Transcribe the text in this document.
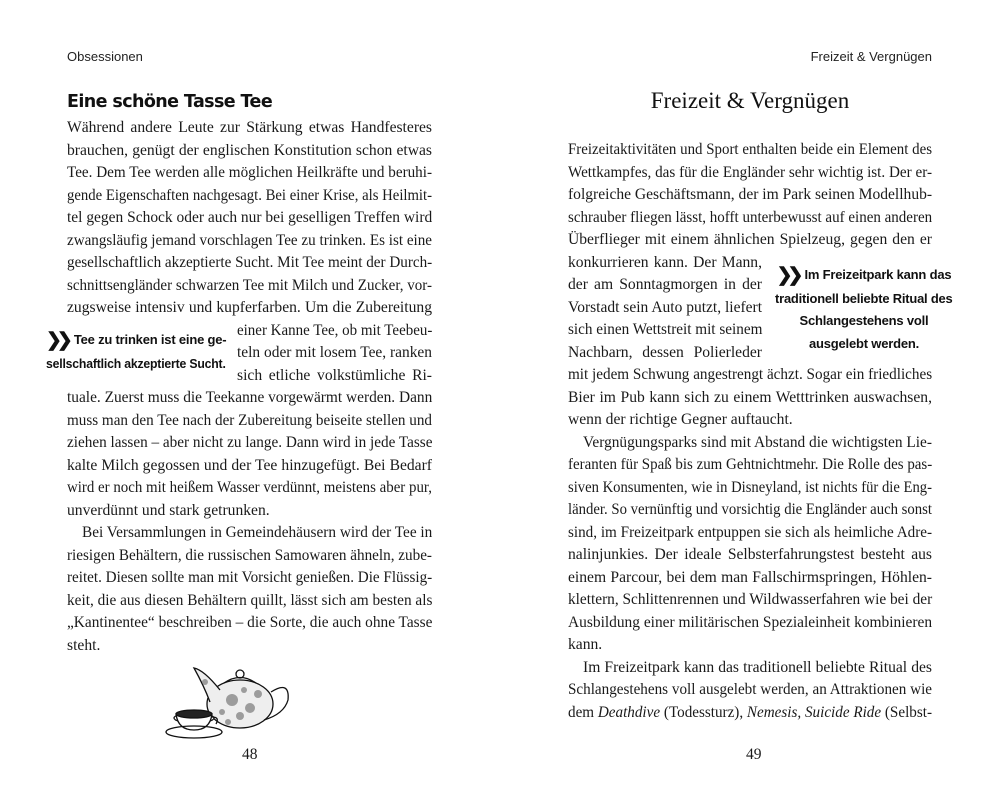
Obsessionen	Freizeit & Vergnügen
Eine schöne Tasse Tee	Freizeit & Vergnügen
Während andere Leute zur Stärkung etwas Handfesteres
brauchen, genügt der englischen Konstitution schon etwas
Tee. Dem Tee werden alle möglichen Heilkräfte und beruhi-
gende Eigenschaften nachgesagt. Bei einer Krise, als Heilmit-
tel gegen Schock oder auch nur bei geselligen Treffen wird
zwangsläufig jemand vorschlagen Tee zu trinken. Es ist eine
gesellschaftlich akzeptierte Sucht. Mit Tee meint der Durch-
schnittsengländer schwarzen Tee mit Milch und Zucker, vor-
zugsweise intensiv und kupferfarben. Um die Zubereitung
einer Kanne Tee, ob mit Teebeu-
teln oder mit losem Tee, ranken
sich etliche volkstümliche Ri-
tuale. Zuerst muss die Teekanne vorgewärmt werden. Dann
muss man den Tee nach der Zubereitung beiseite stellen und
ziehen lassen – aber nicht zu lange. Dann wird in jede Tasse
kalte Milch gegossen und der Tee hinzugefügt. Bei Bedarf
wird er noch mit heißem Wasser verdünnt, meistens aber pur,
unverdünnt und stark getrunken.
Bei Versammlungen in Gemeindehäusern wird der Tee in
riesigen Behältern, die russischen Samowaren ähneln, zube-
reitet. Diesen sollte man mit Vorsicht genießen. Die Flüssig-
keit, die aus diesen Behältern quillt, lässt sich am besten als
„Kantinentee“ beschreiben – die Sorte, die auch ohne Tasse
steht.
Freizeitaktivitäten und Sport enthalten beide ein Element des
Wettkampfes, das für die Engländer sehr wichtig ist. Der er-
folgreiche Geschäftsmann, der im Park seinen Modellhub-
schrauber fliegen lässt, hofft unterbewusst auf einen anderen
Überflieger mit einem ähnlichen Spielzeug, gegen den er
konkurrieren kann. Der Mann,
der am Sonntagmorgen in der
Vorstadt sein Auto putzt, liefert
sich einen Wettstreit mit seinem
Nachbarn, dessen Polierleder
mit jedem Schwung angestrengt ächzt. Sogar ein friedliches
Bier im Pub kann sich zu einem Wetttrinken auswachsen,
wenn der richtige Gegner auftaucht.
Vergnügungsparks sind mit Abstand die wichtigsten Lie-
feranten für Spaß bis zum Gehtnichtmehr. Die Rolle des pas-
siven Konsumenten, wie in Disneyland, ist nichts für die Eng-
länder. So vernünftig und vorsichtig die Engländer auch sonst
sind, im Freizeitpark entpuppen sie sich als heimliche Adre-
nalinjunkies. Der ideale Selbsterfahrungstest besteht aus
einem Parcour, bei dem man Fallschirmspringen, Höhlen-
klettern, Schlittenrennen und Wildwasserfahren wie bei der
Ausbildung einer militärischen Spezialeinheit kombinieren
kann.
Im Freizeitpark kann das traditionell beliebte Ritual des
Schlangestehens voll ausgelebt werden, an Attraktionen wie
dem Deathdive (Todessturz), Nemesis, Suicide Ride (Selbst-
❯❯ Tee zu trinken ist eine ge-
sellschaftlich akzeptierte Sucht.
❯❯ Im Freizeitpark kann das
traditionell beliebte Ritual des
Schlangestehens voll
ausgelebt werden.
48	49
